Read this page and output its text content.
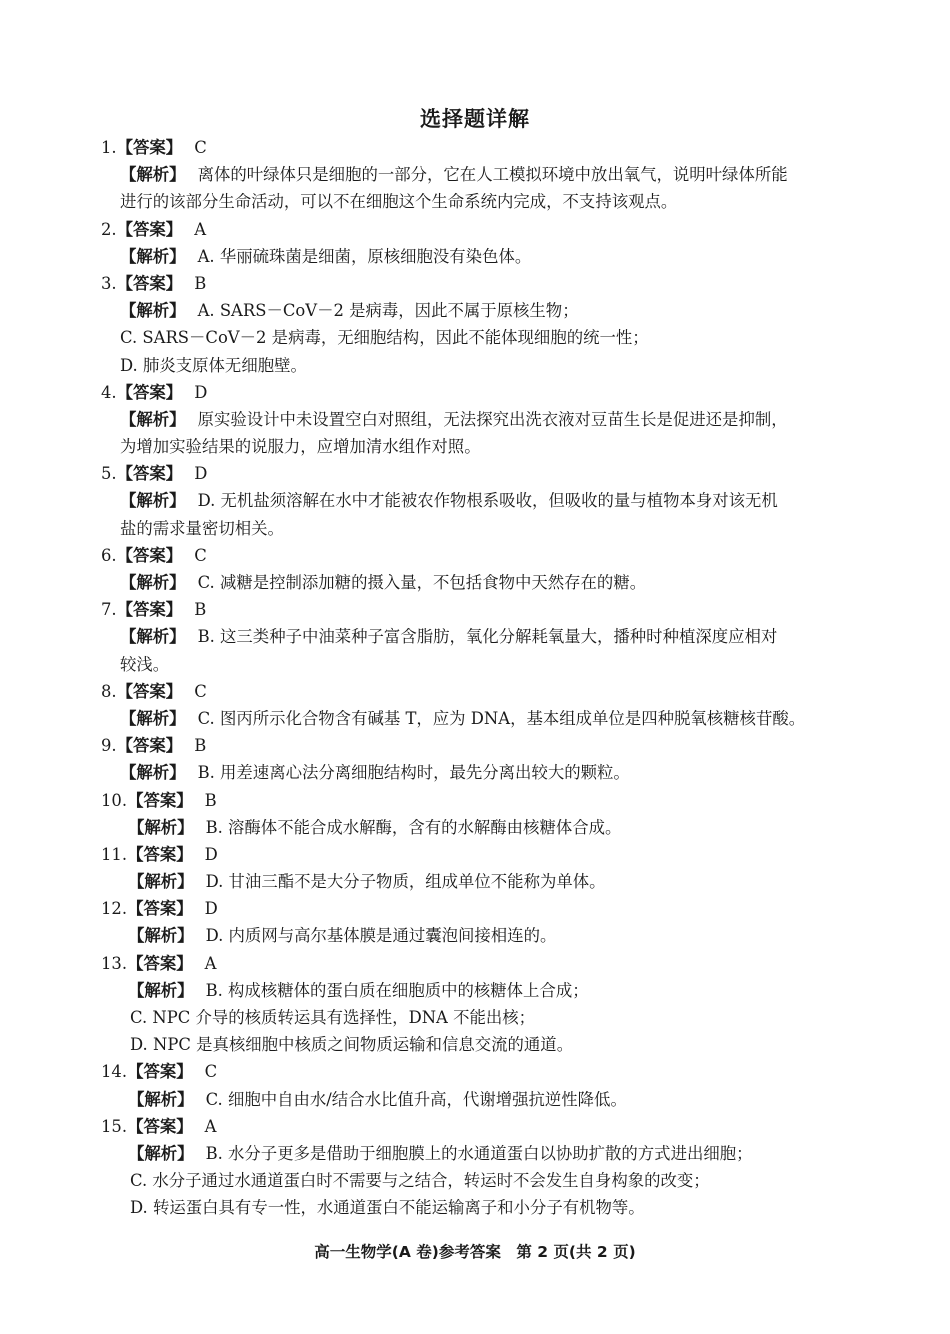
选择题详解
1.【答案】 C
【解析】 离体的叶绿体只是细胞的一部分，它在人工模拟环境中放出氧气，说明叶绿体所能
进行的该部分生命活动，可以不在细胞这个生命系统内完成，不支持该观点。
2.【答案】 A
【解析】 A. 华丽硫珠菌是细菌，原核细胞没有染色体。
3.【答案】 B
【解析】 A. SARS－CoV－2 是病毒，因此不属于原核生物；
C. SARS－CoV－2 是病毒，无细胞结构，因此不能体现细胞的统一性；
D. 肺炎支原体无细胞壁。
4.【答案】 D
【解析】 原实验设计中未设置空白对照组，无法探究出洗衣液对豆苗生长是促进还是抑制，
为增加实验结果的说服力，应增加清水组作对照。
5.【答案】 D
【解析】 D. 无机盐须溶解在水中才能被农作物根系吸收，但吸收的量与植物本身对该无机
盐的需求量密切相关。
6.【答案】 C
【解析】 C. 减糖是控制添加糖的摄入量，不包括食物中天然存在的糖。
7.【答案】 B
【解析】 B. 这三类种子中油菜种子富含脂肪，氧化分解耗氧量大，播种时种植深度应相对
较浅。
8.【答案】 C
【解析】 C. 图丙所示化合物含有碱基 T，应为 DNA，基本组成单位是四种脱氧核糖核苷酸。
9.【答案】 B
【解析】 B. 用差速离心法分离细胞结构时，最先分离出较大的颗粒。
10.【答案】 B
【解析】 B. 溶酶体不能合成水解酶，含有的水解酶由核糖体合成。
11.【答案】 D
【解析】 D. 甘油三酯不是大分子物质，组成单位不能称为单体。
12.【答案】 D
【解析】 D. 内质网与高尔基体膜是通过囊泡间接相连的。
13.【答案】 A
【解析】 B. 构成核糖体的蛋白质在细胞质中的核糖体上合成；
C. NPC 介导的核质转运具有选择性，DNA 不能出核；
D. NPC 是真核细胞中核质之间物质运输和信息交流的通道。
14.【答案】 C
【解析】 C. 细胞中自由水/结合水比值升高，代谢增强抗逆性降低。
15.【答案】 A
【解析】 B. 水分子更多是借助于细胞膜上的水通道蛋白以协助扩散的方式进出细胞；
C. 水分子通过水通道蛋白时不需要与之结合，转运时不会发生自身构象的改变；
D. 转运蛋白具有专一性，水通道蛋白不能运输离子和小分子有机物等。
高一生物学(A 卷)参考答案　第 2 页(共 2 页)
